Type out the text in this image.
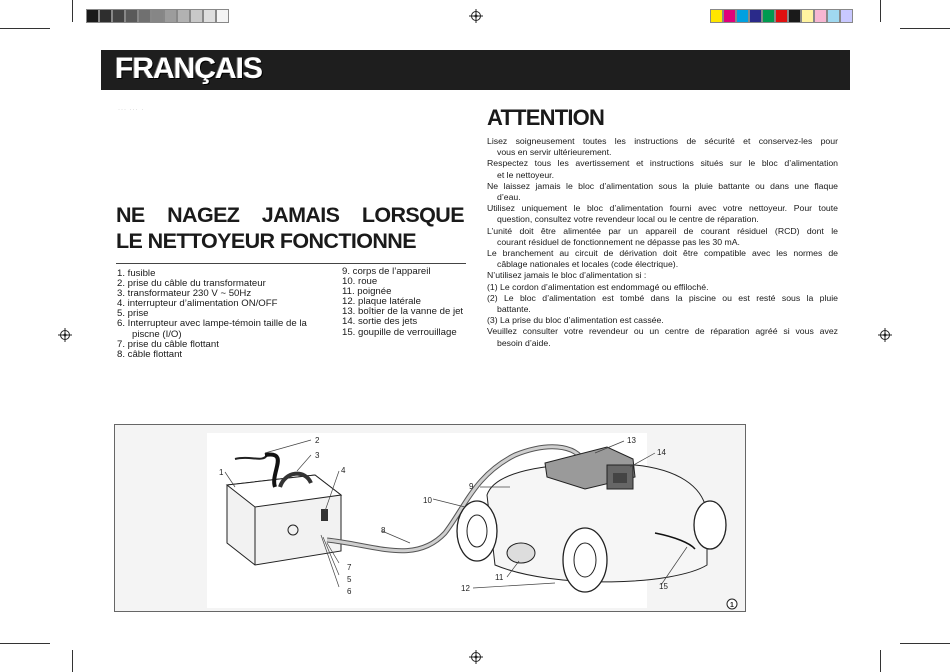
FRANÇAIS
··· ··· ·
NE NAGEZ JAMAIS LORSQUE
LE NETTOYEUR FONCTIONNE
1. fusible
2. prise du câble du transformateur
3. transformateur 230 V ~ 50Hz
4. interrupteur d’alimentation ON/OFF
5. prise
6. Interrupteur avec lampe-témoin taille de la
piscne (I/O)
7. prise du câble flottant
8. câble flottant
9. corps de l’appareil
10. roue
11. poignée
12. plaque latérale
13. boîtier de la vanne de jet
14. sortie des jets
15. goupille de verrouillage
ATTENTION

Lisez soigneusement toutes les instructions de sécurité et conservez-les pour
vous en servir ultérieurement.

Respectez tous les avertissement et instructions situés sur le bloc d’alimentation
et le nettoyeur.

Ne laissez jamais le bloc d’alimentation sous la pluie battante ou dans une flaque
d’eau.

Utilisez uniquement le bloc d’alimentation fourni avec votre nettoyeur. Pour toute
question, consultez votre revendeur local ou le centre de réparation.

L’unité doit être alimentée par un appareil de courant résiduel (RCD) dont le
courant résiduel de fonctionnement ne dépasse pas les 30 mA.

Le branchement au circuit de dérivation doit être compatible avec les normes de
câblage nationales et locales (code électrique).

N’utilisez jamais le bloc d’alimentation si :

(1) Le cordon d’alimentation est endommagé ou effiloché.

(2) Le bloc d’alimentation est tombé dans la piscine ou est resté sous la pluie
battante.

(3) La prise du bloc d’alimentation est cassée.

Veuillez consulter votre revendeur ou un centre de réparation agréé si vous avez
besoin d’aide.

1
2
3
4
5
6
7
8
9
10
11
12
13
14
15
1
